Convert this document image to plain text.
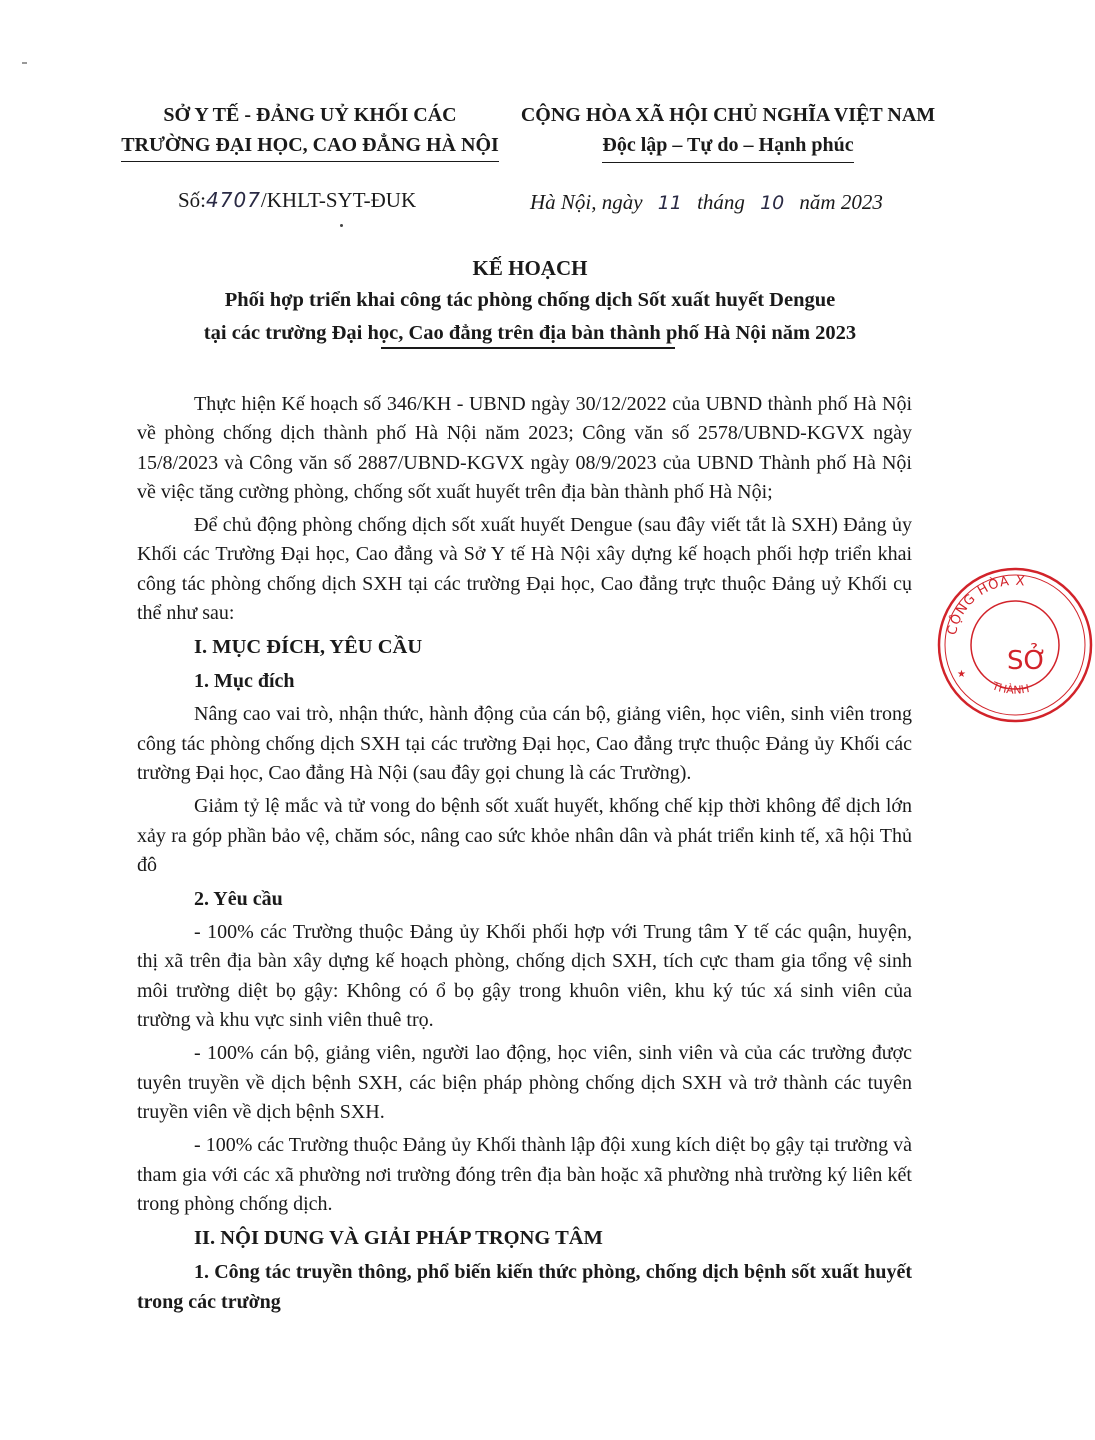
SỞ Y TẾ - ĐẢNG UỶ KHỐI CÁC
TRƯỜNG ĐẠI HỌC, CAO ĐẲNG HÀ NỘI
CỘNG HÒA XÃ HỘI CHỦ NGHĨA VIỆT NAM
Độc lập – Tự do – Hạnh phúc
Số:4707/KHLT-SYT-ĐUK	Hà Nội, ngày 11 tháng 10 năm 2023
KẾ HOẠCH
Phối hợp triển khai công tác phòng chống dịch Sốt xuất huyết Dengue
tại các trường Đại học, Cao đẳng trên địa bàn thành phố Hà Nội năm 2023

Thực hiện Kế hoạch số 346/KH - UBND ngày 30/12/2022 của UBND thành phố Hà Nội về phòng chống dịch thành phố Hà Nội năm 2023; Công văn số 2578/UBND-KGVX ngày 15/8/2023 và Công văn số 2887/UBND-KGVX ngày 08/9/2023 của UBND Thành phố Hà Nội về việc tăng cường phòng, chống sốt xuất huyết trên địa bàn thành phố Hà Nội;

Để chủ động phòng chống dịch sốt xuất huyết Dengue (sau đây viết tắt là SXH) Đảng ủy Khối các Trường Đại học, Cao đẳng và Sở Y tế Hà Nội xây dựng kế hoạch phối hợp triển khai công tác phòng chống dịch SXH tại các trường Đại học, Cao đẳng trực thuộc Đảng uỷ Khối cụ thể như sau:

I. MỤC ĐÍCH, YÊU CẦU
1. Mục đích

Nâng cao vai trò, nhận thức, hành động của cán bộ, giảng viên, học viên, sinh viên trong công tác phòng chống dịch SXH tại các trường Đại học, Cao đẳng trực thuộc Đảng ủy Khối các trường Đại học, Cao đẳng Hà Nội (sau đây gọi chung là các Trường).

Giảm tỷ lệ mắc và tử vong do bệnh sốt xuất huyết, khống chế kịp thời không để dịch lớn xảy ra góp phần bảo vệ, chăm sóc, nâng cao sức khỏe nhân dân và phát triển kinh tế, xã hội Thủ đô

2. Yêu cầu

- 100% các Trường thuộc Đảng ủy Khối phối hợp với Trung tâm Y tế các quận, huyện, thị xã trên địa bàn xây dựng kế hoạch phòng, chống dịch SXH, tích cực tham gia tổng vệ sinh môi trường diệt bọ gậy: Không có ổ bọ gậy trong khuôn viên, khu ký túc xá sinh viên của trường và khu vực sinh viên thuê trọ.

- 100% cán bộ, giảng viên, người lao động, học viên, sinh viên và của các trường được tuyên truyền về dịch bệnh SXH, các biện pháp phòng chống dịch SXH và trở thành các tuyên truyền viên về dịch bệnh SXH.

- 100% các Trường thuộc Đảng ủy Khối thành lập đội xung kích diệt bọ gậy tại trường và tham gia với các xã phường nơi trường đóng trên địa bàn hoặc xã phường nhà trường ký liên kết trong phòng chống dịch.

II. NỘI DUNG VÀ GIẢI PHÁP TRỌNG TÂM
1. Công tác truyền thông, phổ biến kiến thức phòng, chống dịch bệnh sốt xuất huyết trong các trường
CỘNG HÒA X
SỞ
THÀNH
★
